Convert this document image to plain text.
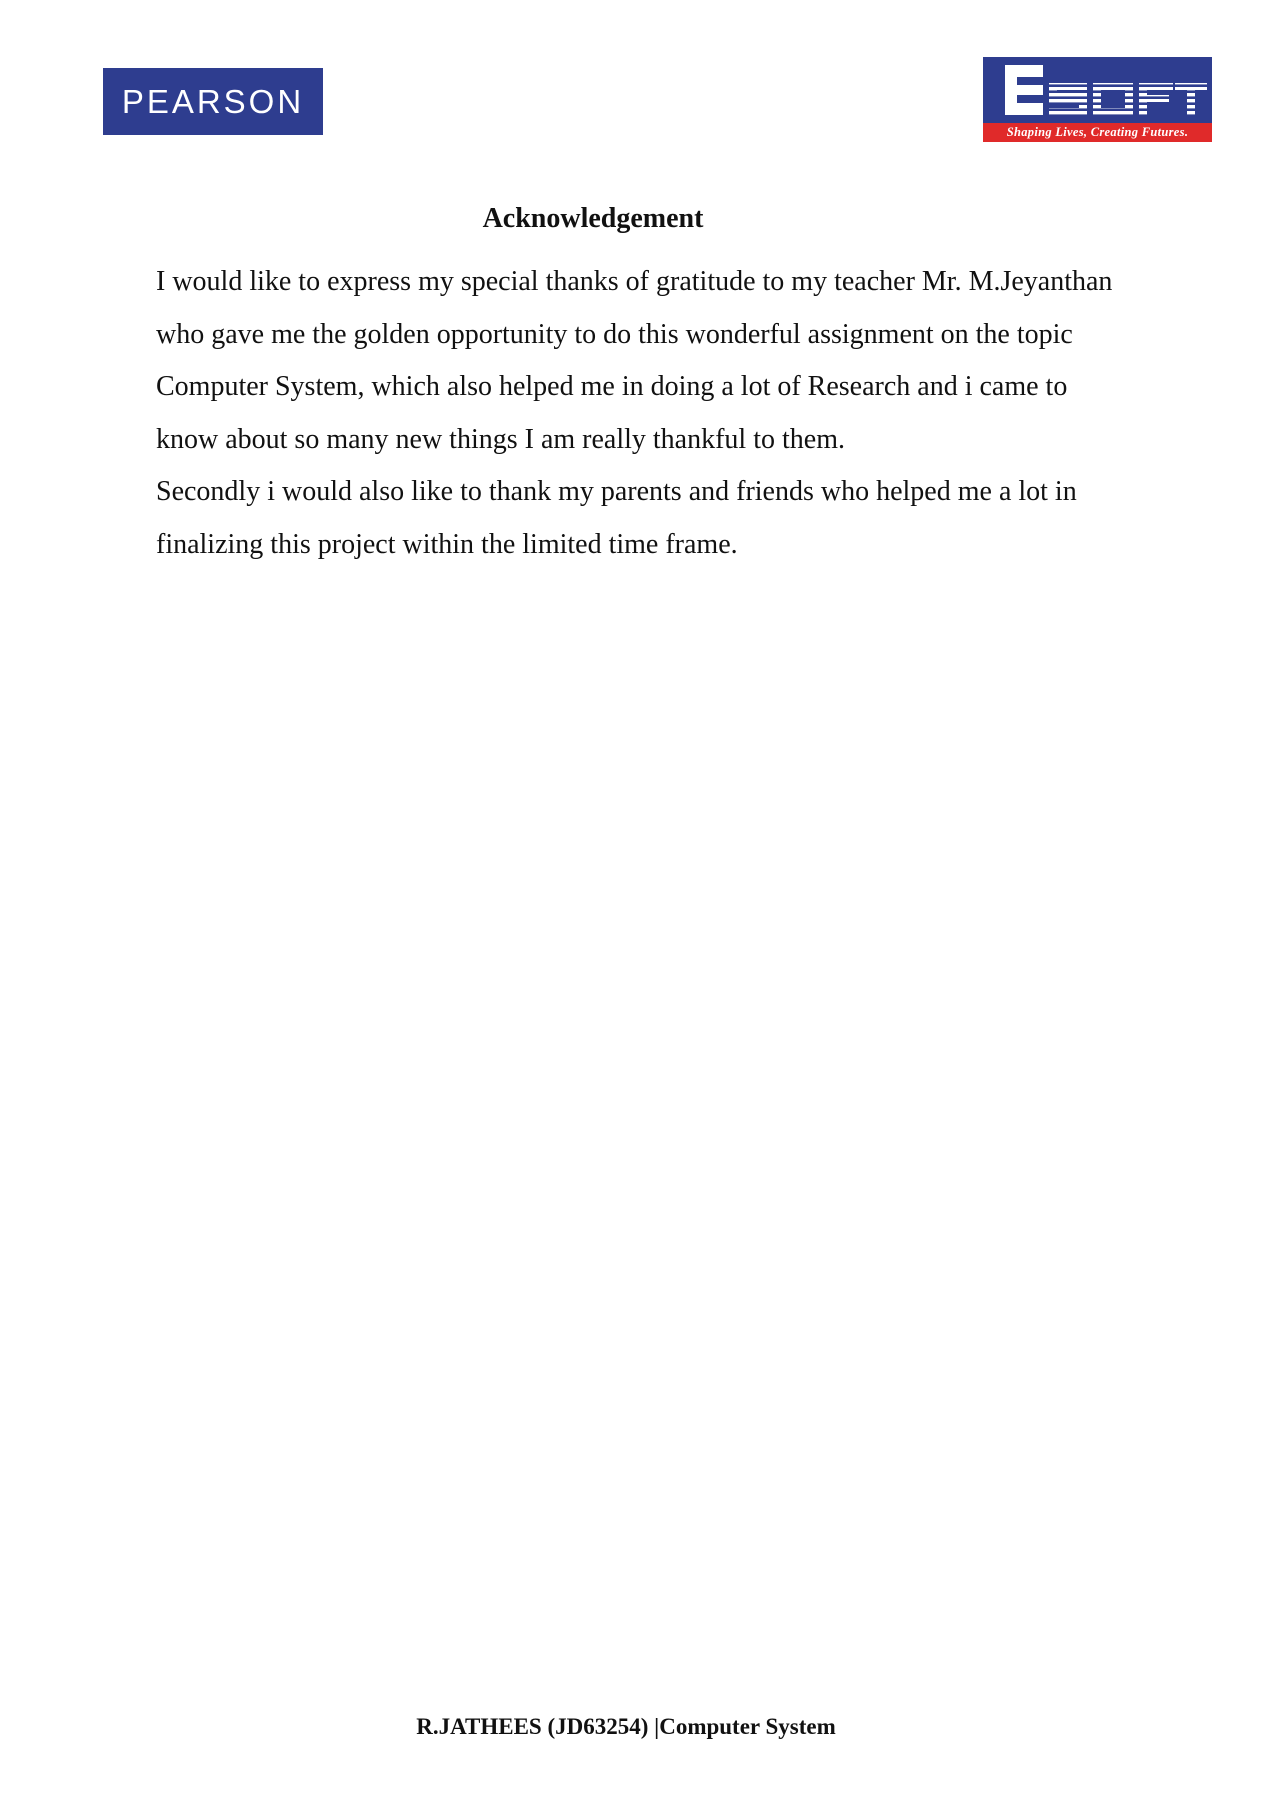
PEARSON
Shaping Lives, Creating Futures.
Acknowledgement

I would like to express my special thanks of gratitude to my teacher Mr. M.Jeyanthan who gave me the golden opportunity to do this wonderful assignment on the topic Computer System, which also helped me in doing a lot of Research and i came to know about so many new things I am really thankful to them.

Secondly i would also like to thank my parents and friends who helped me a lot in finalizing this project within the limited time frame.

R.JATHEES (JD63254) |Computer System
